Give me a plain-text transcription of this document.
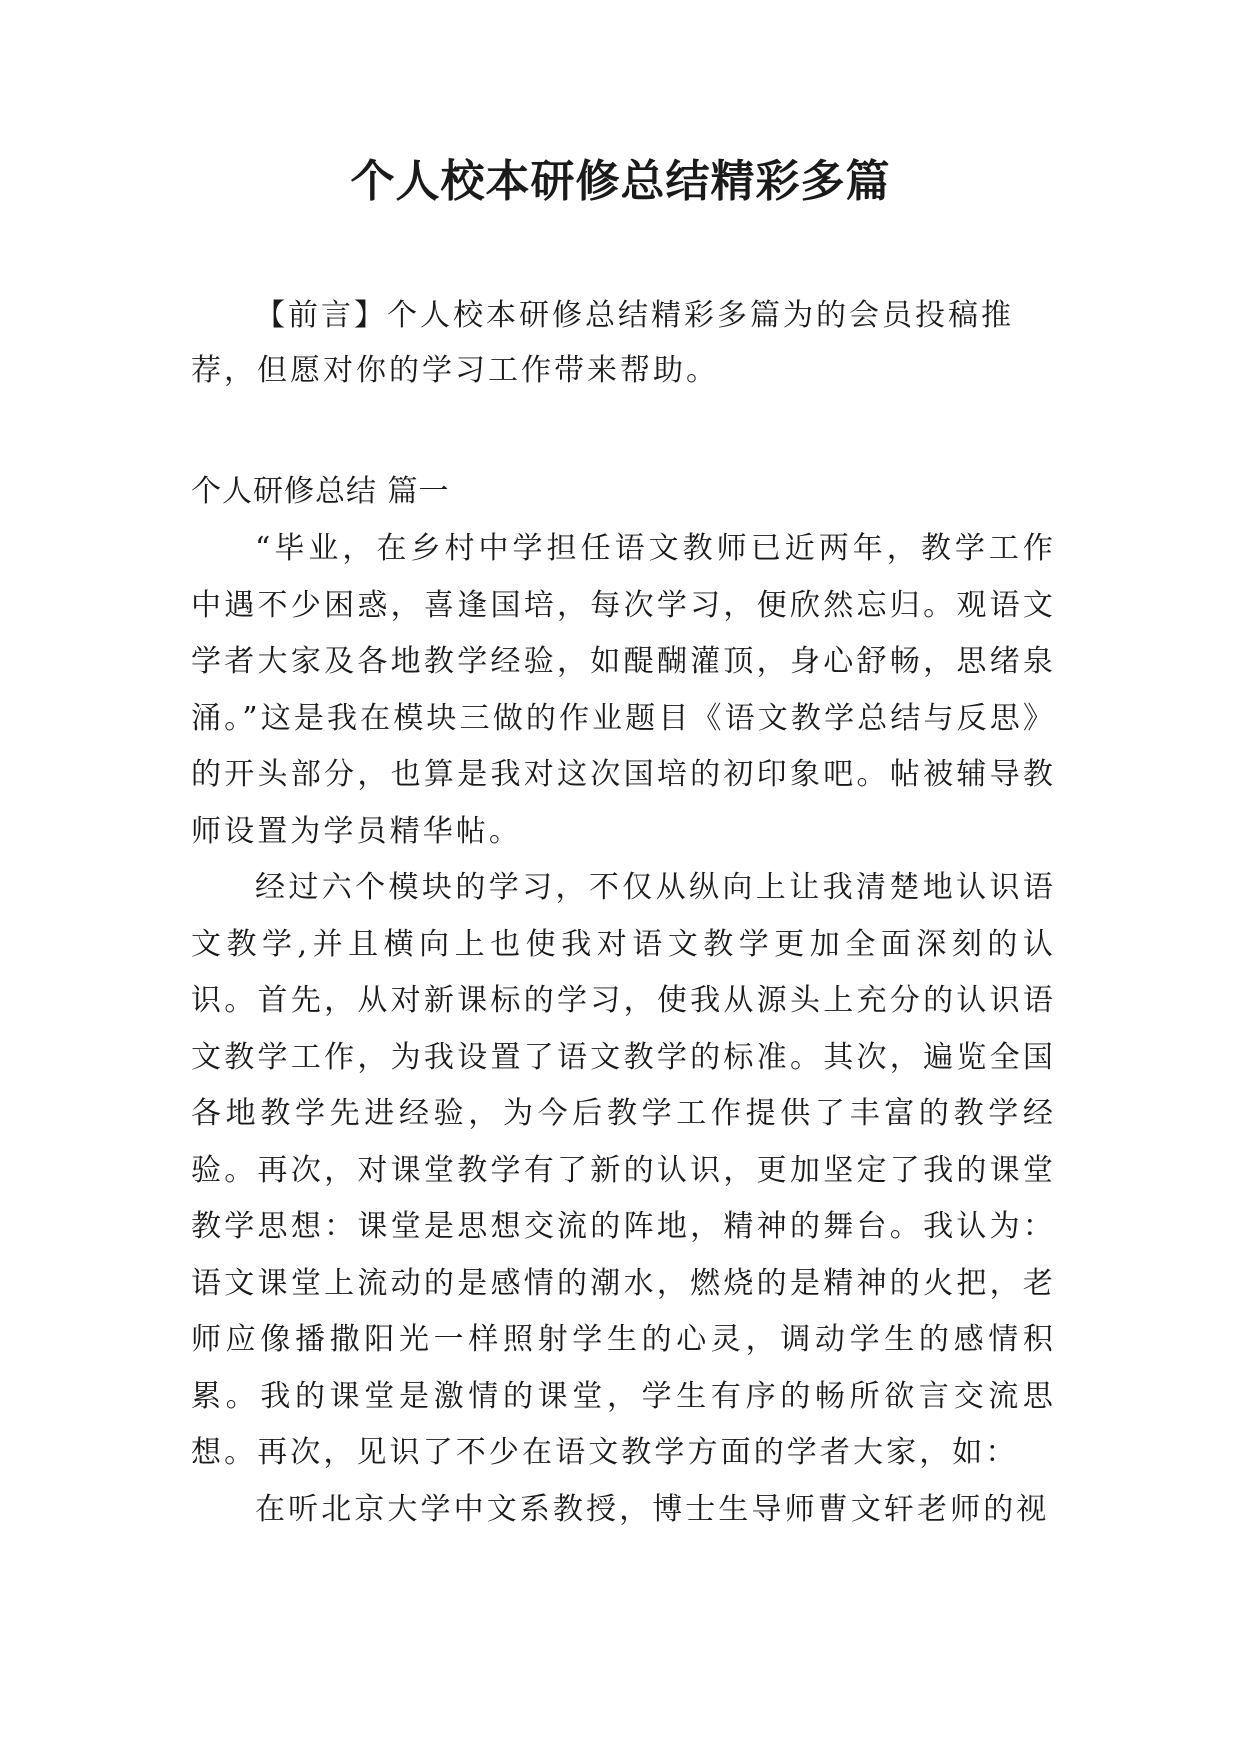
个人校本研修总结精彩多篇

【前言】个人校本研修总结精彩多篇为的会员投稿推荐，但愿对你的学习工作带来帮助。

个人研修总结 篇一

“毕业，在乡村中学担任语文教师已近两年，教学工作中遇不少困惑，喜逢国培，每次学习，便欣然忘归。观语文学者大家及各地教学经验，如醍醐灌顶，身心舒畅，思绪泉涌。”这是我在模块三做的作业题目《语文教学总结与反思》的开头部分，也算是我对这次国培的初印象吧。帖被辅导教师设置为学员精华帖。

经过六个模块的学习，不仅从纵向上让我清楚地认识语文教学,并且横向上也使我对语文教学更加全面深刻的认识。首先，从对新课标的学习，使我从源头上充分的认识语文教学工作，为我设置了语文教学的标准。其次，遍览全国各地教学先进经验，为今后教学工作提供了丰富的教学经验。再次，对课堂教学有了新的认识，更加坚定了我的课堂教学思想：课堂是思想交流的阵地，精神的舞台。我认为：语文课堂上流动的是感情的潮水，燃烧的是精神的火把，老师应像播撒阳光一样照射学生的心灵，调动学生的感情积累。我的课堂是激情的课堂，学生有序的畅所欲言交流思想。再次，见识了不少在语文教学方面的学者大家，如：

在听北京大学中文系教授，博士生导师曹文轩老师的视
